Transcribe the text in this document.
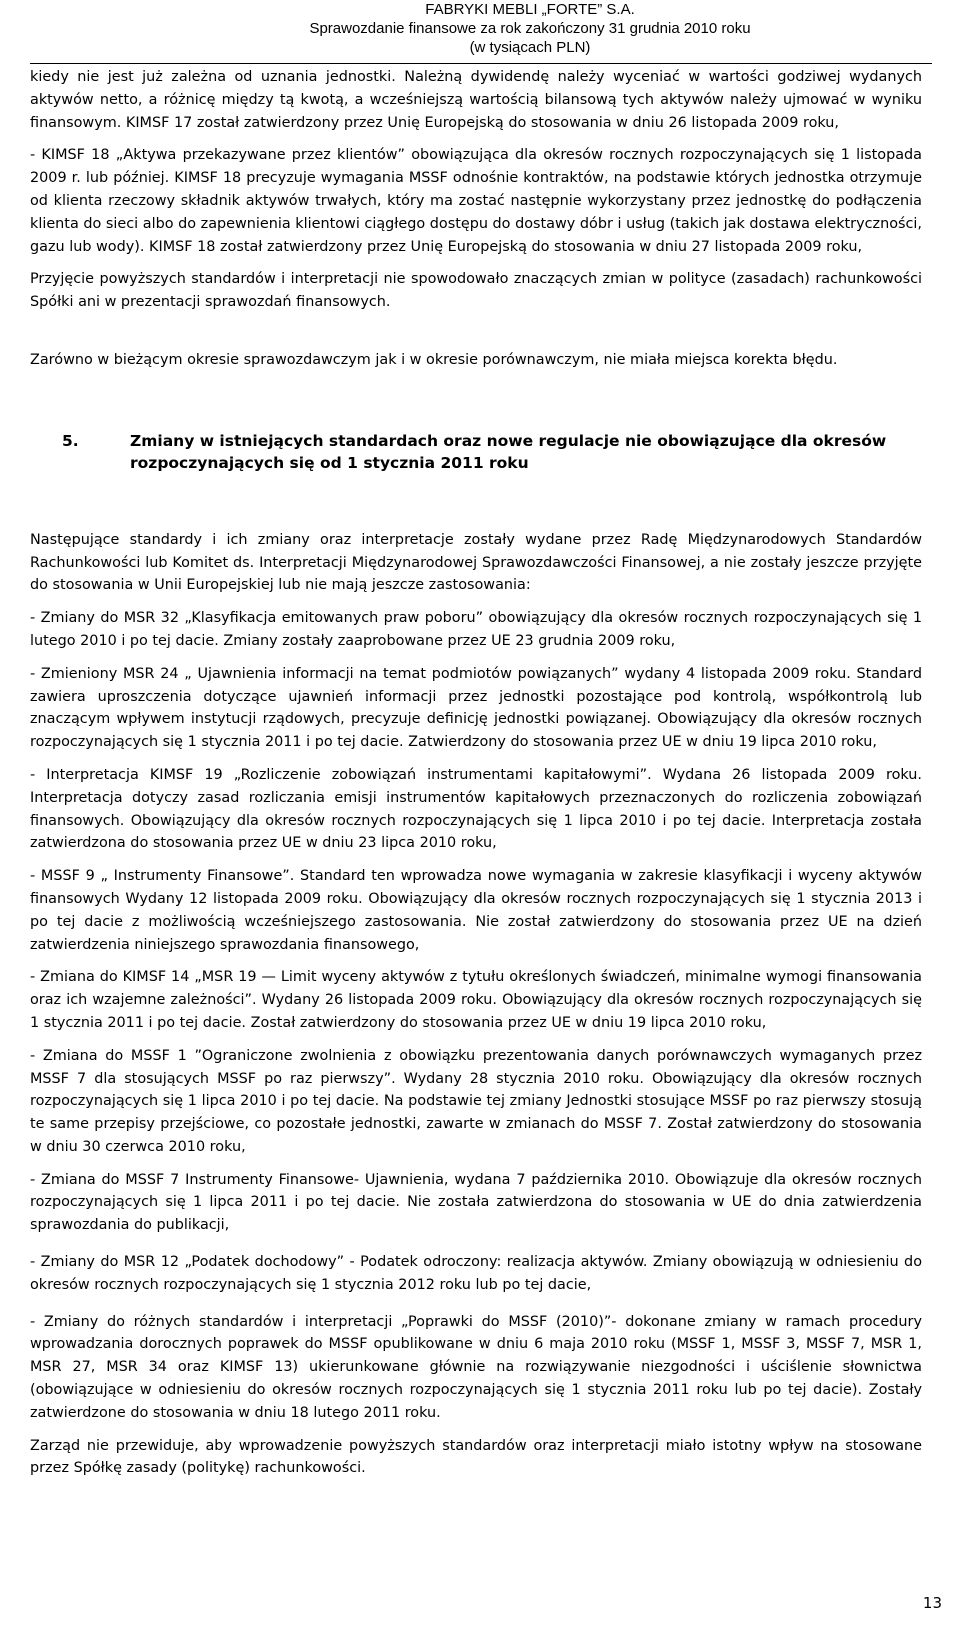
FABRYKI MEBLI „FORTE” S.A.
Sprawozdanie finansowe za rok zakończony 31 grudnia 2010 roku
(w tysiącach PLN)

kiedy nie jest już zależna od uznania jednostki. Należną dywidendę należy wyceniać w wartości godziwej wydanych aktywów netto, a różnicę między tą kwotą, a wcześniejszą wartością bilansową tych aktywów należy ujmować w wyniku finansowym. KIMSF 17 został zatwierdzony przez Unię Europejską do stosowania w dniu 26 listopada 2009 roku,

- KIMSF 18 „Aktywa przekazywane przez klientów” obowiązująca dla okresów rocznych rozpoczynających się 1 listopada 2009 r. lub później. KIMSF 18 precyzuje wymagania MSSF odnośnie kontraktów, na podstawie których jednostka otrzymuje od klienta rzeczowy składnik aktywów trwałych, który ma zostać następnie wykorzystany przez jednostkę do podłączenia klienta do sieci albo do zapewnienia klientowi ciągłego dostępu do dostawy dóbr i usług (takich jak dostawa elektryczności, gazu lub wody). KIMSF 18 został zatwierdzony przez Unię Europejską do stosowania w dniu 27 listopada 2009 roku,

Przyjęcie powyższych standardów i interpretacji nie spowodowało znaczących zmian w polityce (zasadach) rachunkowości Spółki ani w prezentacji sprawozdań finansowych.

Zarówno w bieżącym okresie sprawozdawczym jak i w okresie porównawczym, nie miała miejsca korekta błędu.

5.	Zmiany w istniejących standardach oraz nowe regulacje nie obowiązujące dla okresów
rozpoczynających się od 1 stycznia 2011 roku

Następujące standardy i ich zmiany oraz interpretacje zostały wydane przez Radę Międzynarodowych Standardów Rachunkowości lub Komitet ds. Interpretacji Międzynarodowej Sprawozdawczości Finansowej, a nie zostały jeszcze przyjęte do stosowania w Unii Europejskiej lub nie mają jeszcze zastosowania:

- Zmiany do MSR 32 „Klasyfikacja emitowanych praw poboru” obowiązujący dla okresów rocznych rozpoczynających się 1 lutego 2010 i po tej dacie. Zmiany zostały zaaprobowane przez UE 23 grudnia 2009 roku,

- Zmieniony MSR 24 „ Ujawnienia informacji na temat podmiotów powiązanych” wydany 4 listopada 2009 roku. Standard zawiera uproszczenia dotyczące ujawnień informacji przez jednostki pozostające pod kontrolą, współkontrolą lub znaczącym wpływem instytucji rządowych, precyzuje definicję jednostki powiązanej. Obowiązujący dla okresów rocznych rozpoczynających się 1 stycznia 2011 i po tej dacie. Zatwierdzony do stosowania przez UE w dniu 19 lipca 2010 roku,

- Interpretacja KIMSF 19 „Rozliczenie zobowiązań instrumentami kapitałowymi”. Wydana 26 listopada 2009 roku. Interpretacja dotyczy zasad rozliczania emisji instrumentów kapitałowych przeznaczonych do rozliczenia zobowiązań finansowych. Obowiązujący dla okresów rocznych rozpoczynających się 1 lipca 2010 i po tej dacie. Interpretacja została zatwierdzona do stosowania przez UE w dniu 23 lipca 2010 roku,

- MSSF 9 „ Instrumenty Finansowe”. Standard ten wprowadza nowe wymagania w zakresie klasyfikacji i wyceny aktywów finansowych Wydany 12 listopada 2009 roku. Obowiązujący dla okresów rocznych rozpoczynających się 1 stycznia 2013 i po tej dacie z możliwością wcześniejszego zastosowania. Nie został zatwierdzony do stosowania przez UE na dzień zatwierdzenia niniejszego sprawozdania finansowego,

- Zmiana do KIMSF 14 „MSR 19 — Limit wyceny aktywów z tytułu określonych świadczeń, minimalne wymogi finansowania oraz ich wzajemne zależności”. Wydany 26 listopada 2009 roku. Obowiązujący dla okresów rocznych rozpoczynających się 1 stycznia 2011 i po tej dacie. Został zatwierdzony do stosowania przez UE w dniu 19 lipca 2010 roku,

- Zmiana do MSSF 1 ”Ograniczone zwolnienia z obowiązku prezentowania danych porównawczych wymaganych przez MSSF 7 dla stosujących MSSF po raz pierwszy”. Wydany 28 stycznia 2010 roku. Obowiązujący dla okresów rocznych rozpoczynających się 1 lipca 2010 i po tej dacie. Na podstawie tej zmiany Jednostki stosujące MSSF po raz pierwszy stosują te same przepisy przejściowe, co pozostałe jednostki, zawarte w zmianach do MSSF 7. Został zatwierdzony do stosowania w dniu 30 czerwca 2010 roku,

- Zmiana do MSSF 7 Instrumenty Finansowe- Ujawnienia, wydana 7 października 2010. Obowiązuje dla okresów rocznych rozpoczynających się 1 lipca 2011 i po tej dacie. Nie została zatwierdzona do stosowania w UE do dnia zatwierdzenia sprawozdania do publikacji,

- Zmiany do MSR 12 „Podatek dochodowy” - Podatek odroczony: realizacja aktywów. Zmiany obowiązują w odniesieniu do okresów rocznych rozpoczynających się 1 stycznia 2012 roku lub po tej dacie,

- Zmiany do różnych standardów i interpretacji „Poprawki do MSSF (2010)”- dokonane zmiany w ramach procedury wprowadzania dorocznych poprawek do MSSF opublikowane w dniu 6 maja 2010 roku (MSSF 1, MSSF 3, MSSF 7, MSR 1, MSR 27, MSR 34 oraz KIMSF 13) ukierunkowane głównie na rozwiązywanie niezgodności i uściślenie słownictwa (obowiązujące w odniesieniu do okresów rocznych rozpoczynających się 1 stycznia 2011 roku lub po tej dacie). Zostały zatwierdzone do stosowania w dniu 18 lutego 2011 roku.

Zarząd nie przewiduje, aby wprowadzenie powyższych standardów oraz interpretacji miało istotny wpływ na stosowane przez Spółkę zasady (politykę) rachunkowości.

13
